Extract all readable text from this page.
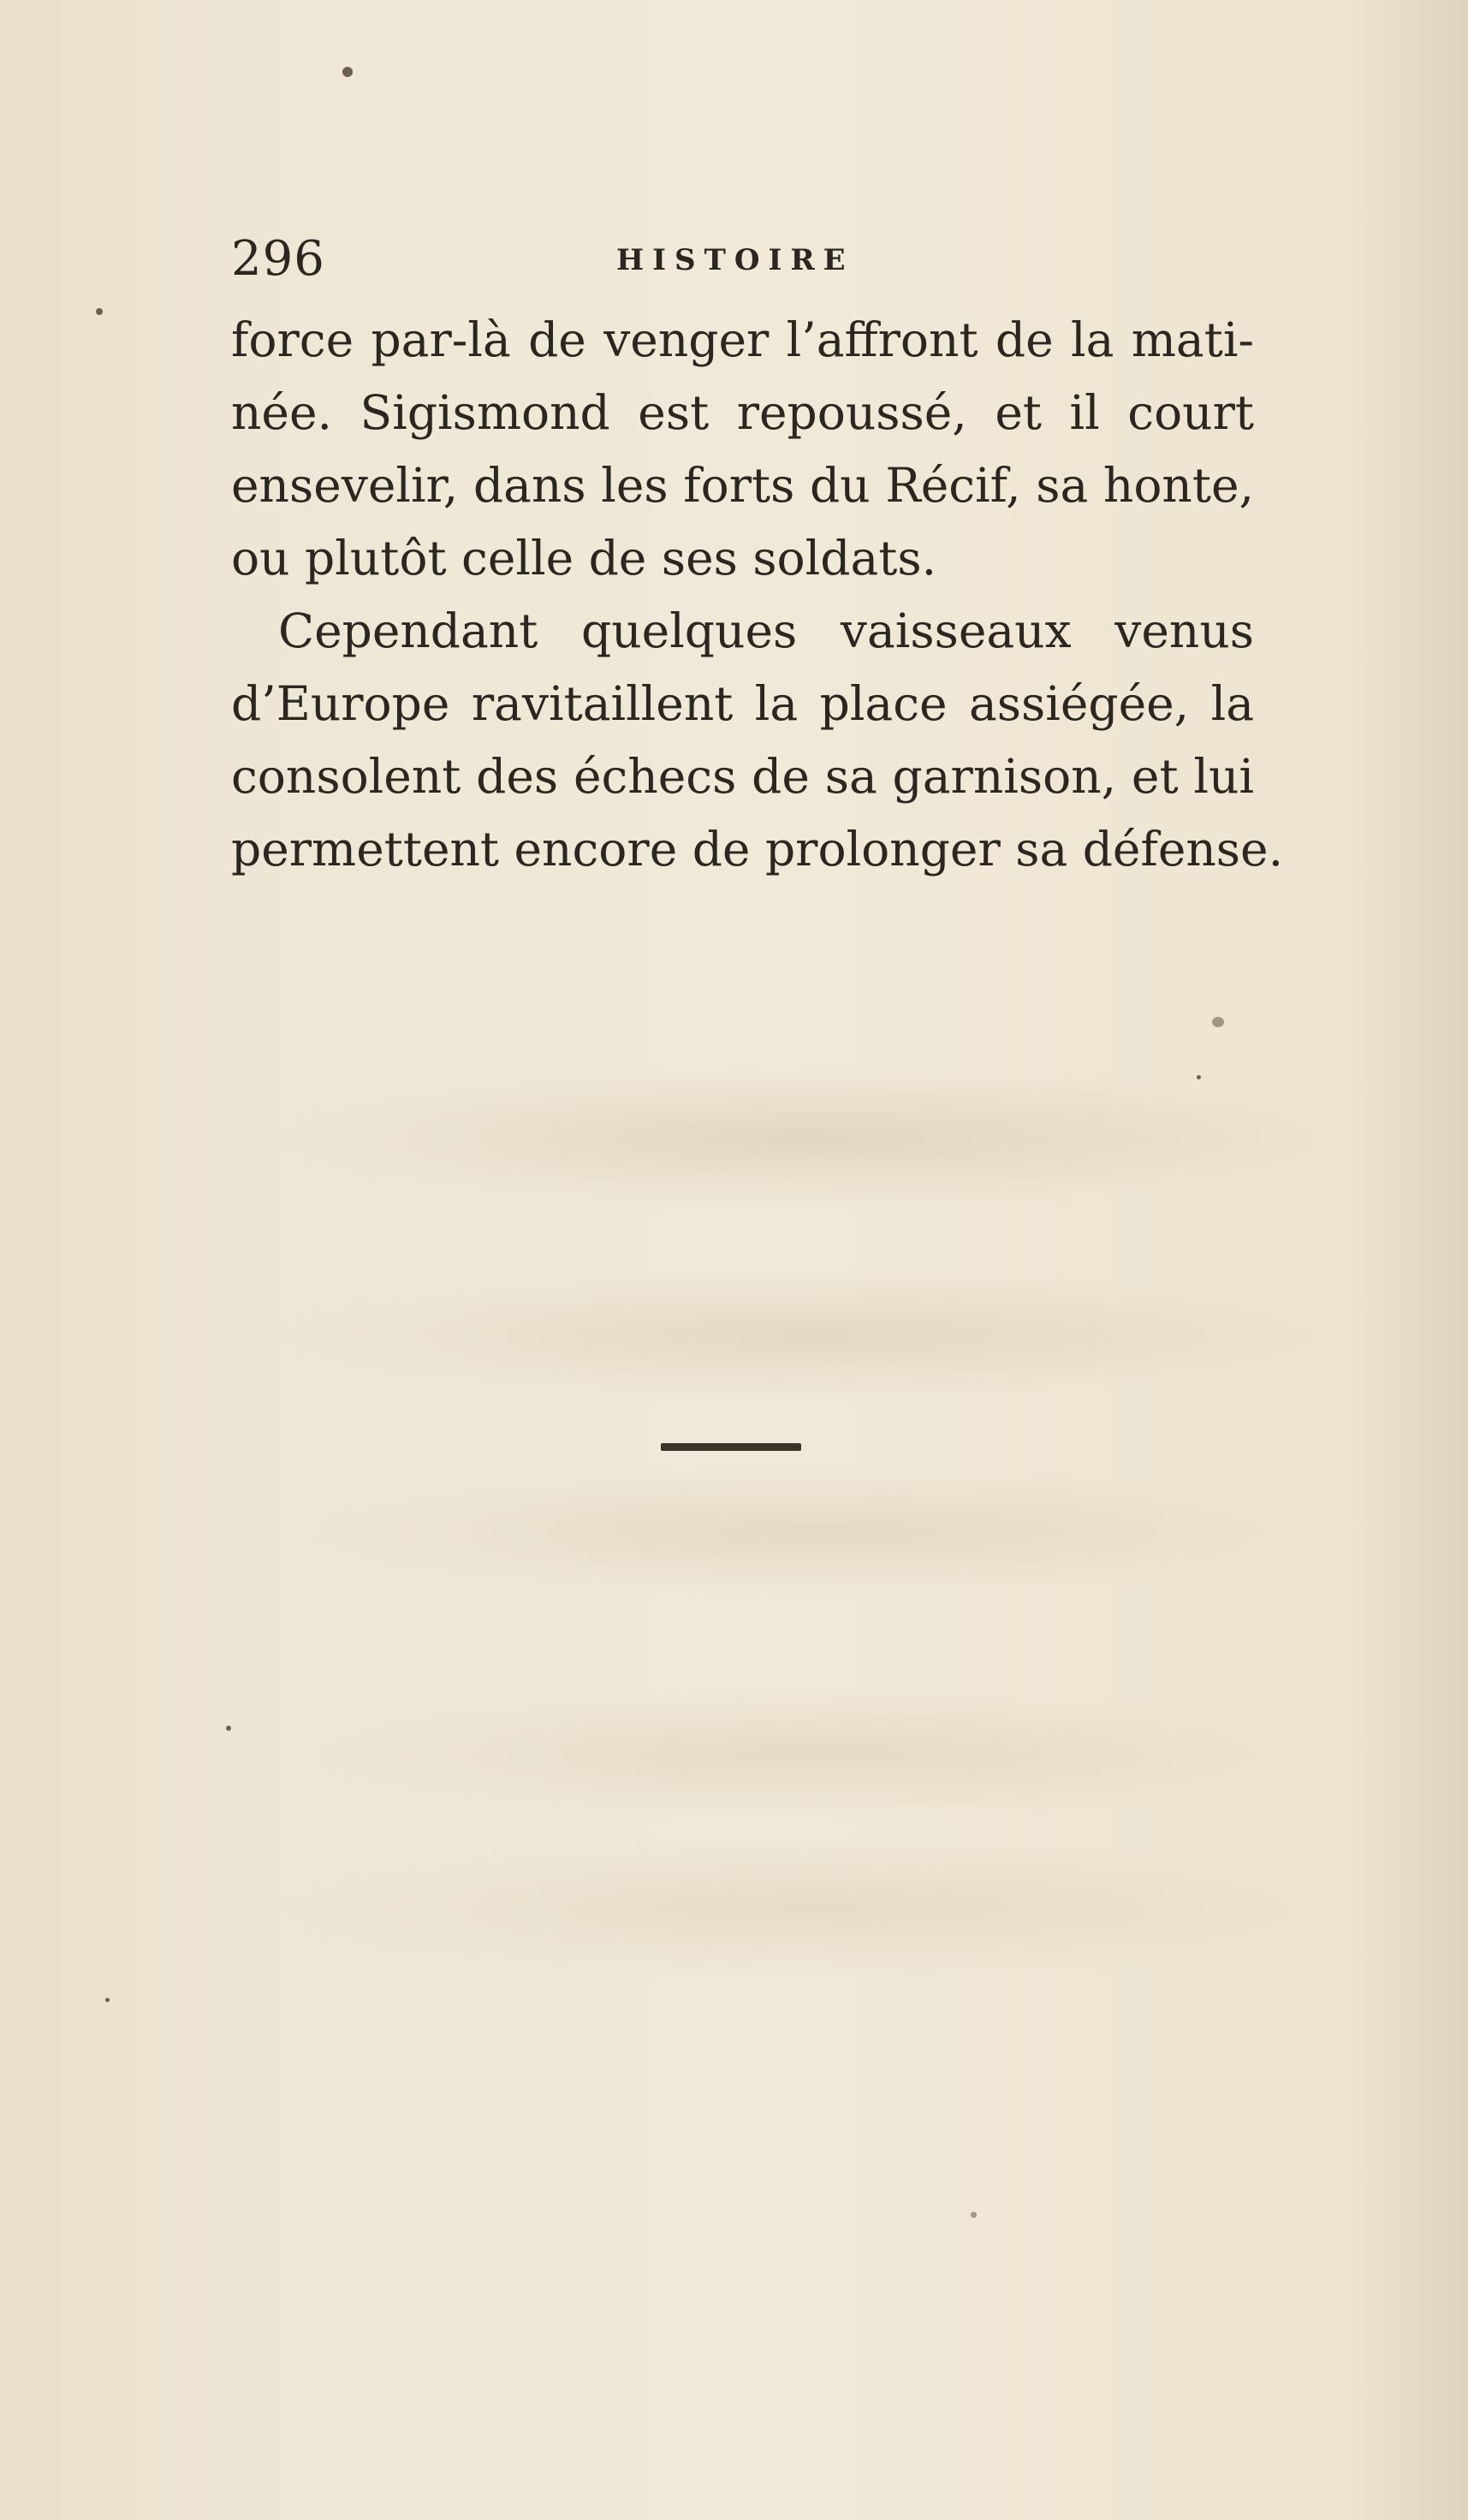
296	HISTOIRE

force par-là de venger l’affront de la mati-
née. Sigismond est repoussé, et il court
ensevelir, dans les forts du Récif, sa honte,
ou plutôt celle de ses soldats.

Cependant quelques vaisseaux venus
d’Europe ravitaillent la place assiégée, la
consolent des échecs de sa garnison, et lui
permettent encore de prolonger sa défense.
